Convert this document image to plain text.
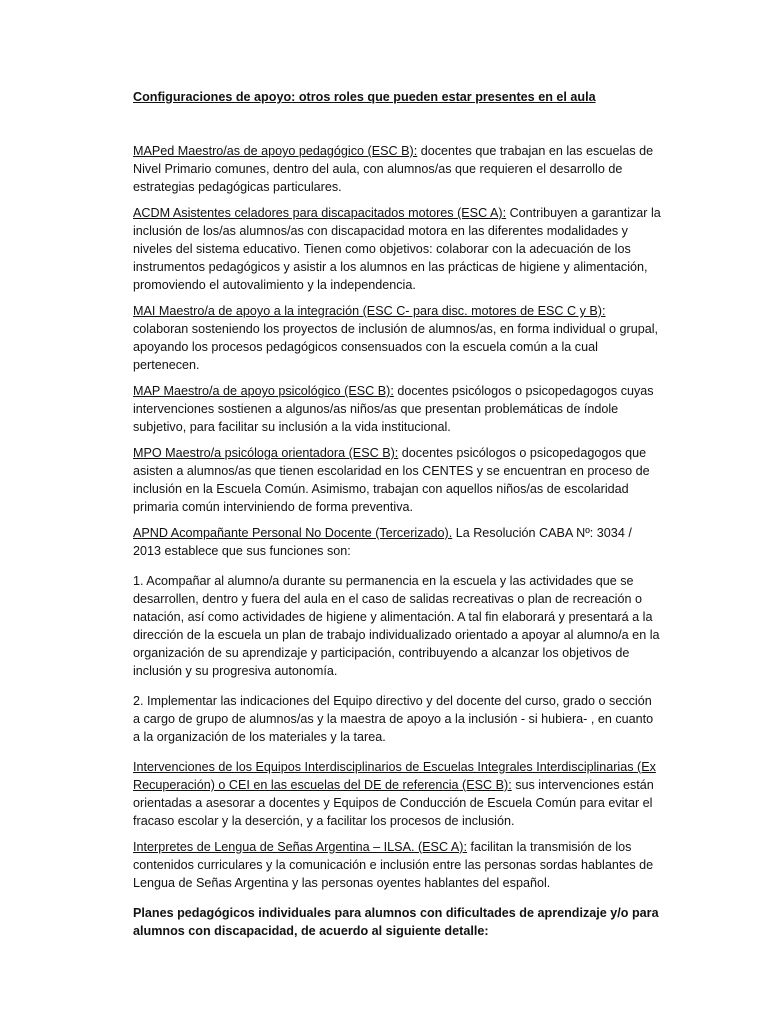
Configuraciones de apoyo: otros roles que pueden estar presentes en el aula

MAPed Maestro/as de apoyo pedagógico (ESC B): docentes que trabajan en las escuelas de Nivel Primario comunes, dentro del aula, con alumnos/as que requieren el desarrollo de estrategias pedagógicas particulares.

ACDM Asistentes celadores para discapacitados motores (ESC A): Contribuyen a garantizar la inclusión de los/as alumnos/as con discapacidad motora en las diferentes modalidades y niveles del sistema educativo. Tienen como objetivos: colaborar con la adecuación de los instrumentos pedagógicos y asistir a los alumnos en las prácticas de higiene y alimentación, promoviendo el autovalimiento y la independencia.

MAI Maestro/a de apoyo a la integración (ESC C- para disc. motores de ESC C y B): colaboran sosteniendo los proyectos de inclusión de alumnos/as, en forma individual o grupal, apoyando los procesos pedagógicos consensuados con la escuela común a la cual pertenecen.

MAP Maestro/a de apoyo psicológico (ESC B): docentes psicólogos o psicopedagogos cuyas intervenciones sostienen a algunos/as niños/as que presentan problemáticas de índole subjetivo, para facilitar su inclusión a la vida institucional.

MPO Maestro/a psicóloga orientadora (ESC B): docentes psicólogos o psicopedagogos que asisten a alumnos/as que tienen escolaridad en los CENTES y se encuentran en proceso de inclusión en la Escuela Común. Asimismo, trabajan con aquellos niños/as de escolaridad primaria común interviniendo de forma preventiva.

APND Acompañante Personal No Docente (Tercerizado). La Resolución CABA Nº: 3034 / 2013 establece que sus funciones son:

1. Acompañar al alumno/a durante su permanencia en la escuela y las actividades que se desarrollen, dentro y fuera del aula en el caso de salidas recreativas o plan de recreación o natación, así como actividades de higiene y alimentación. A tal fin elaborará y presentará a la dirección de la escuela un plan de trabajo individualizado orientado a apoyar al alumno/a en la organización de su aprendizaje y participación, contribuyendo a alcanzar los objetivos de inclusión y su progresiva autonomía.

2. Implementar las indicaciones del Equipo directivo y del docente del curso, grado o sección a cargo de grupo de alumnos/as y la maestra de apoyo a la inclusión - si hubiera- , en cuanto a la organización de los materiales y la tarea.

Intervenciones de los Equipos Interdisciplinarios de Escuelas Integrales Interdisciplinarias (Ex Recuperación) o CEI en las escuelas del DE de referencia (ESC B): sus intervenciones están orientadas a asesorar a docentes y Equipos de Conducción de Escuela Común para evitar el fracaso escolar y la deserción, y a facilitar los procesos de inclusión.

Interpretes de Lengua de Señas Argentina – ILSA. (ESC A): facilitan la transmisión de los contenidos curriculares y la comunicación e inclusión entre las personas sordas hablantes de Lengua de Señas Argentina y las personas oyentes hablantes del español.

Planes pedagógicos individuales para alumnos con dificultades de aprendizaje y/o para alumnos con discapacidad, de acuerdo al siguiente detalle:
